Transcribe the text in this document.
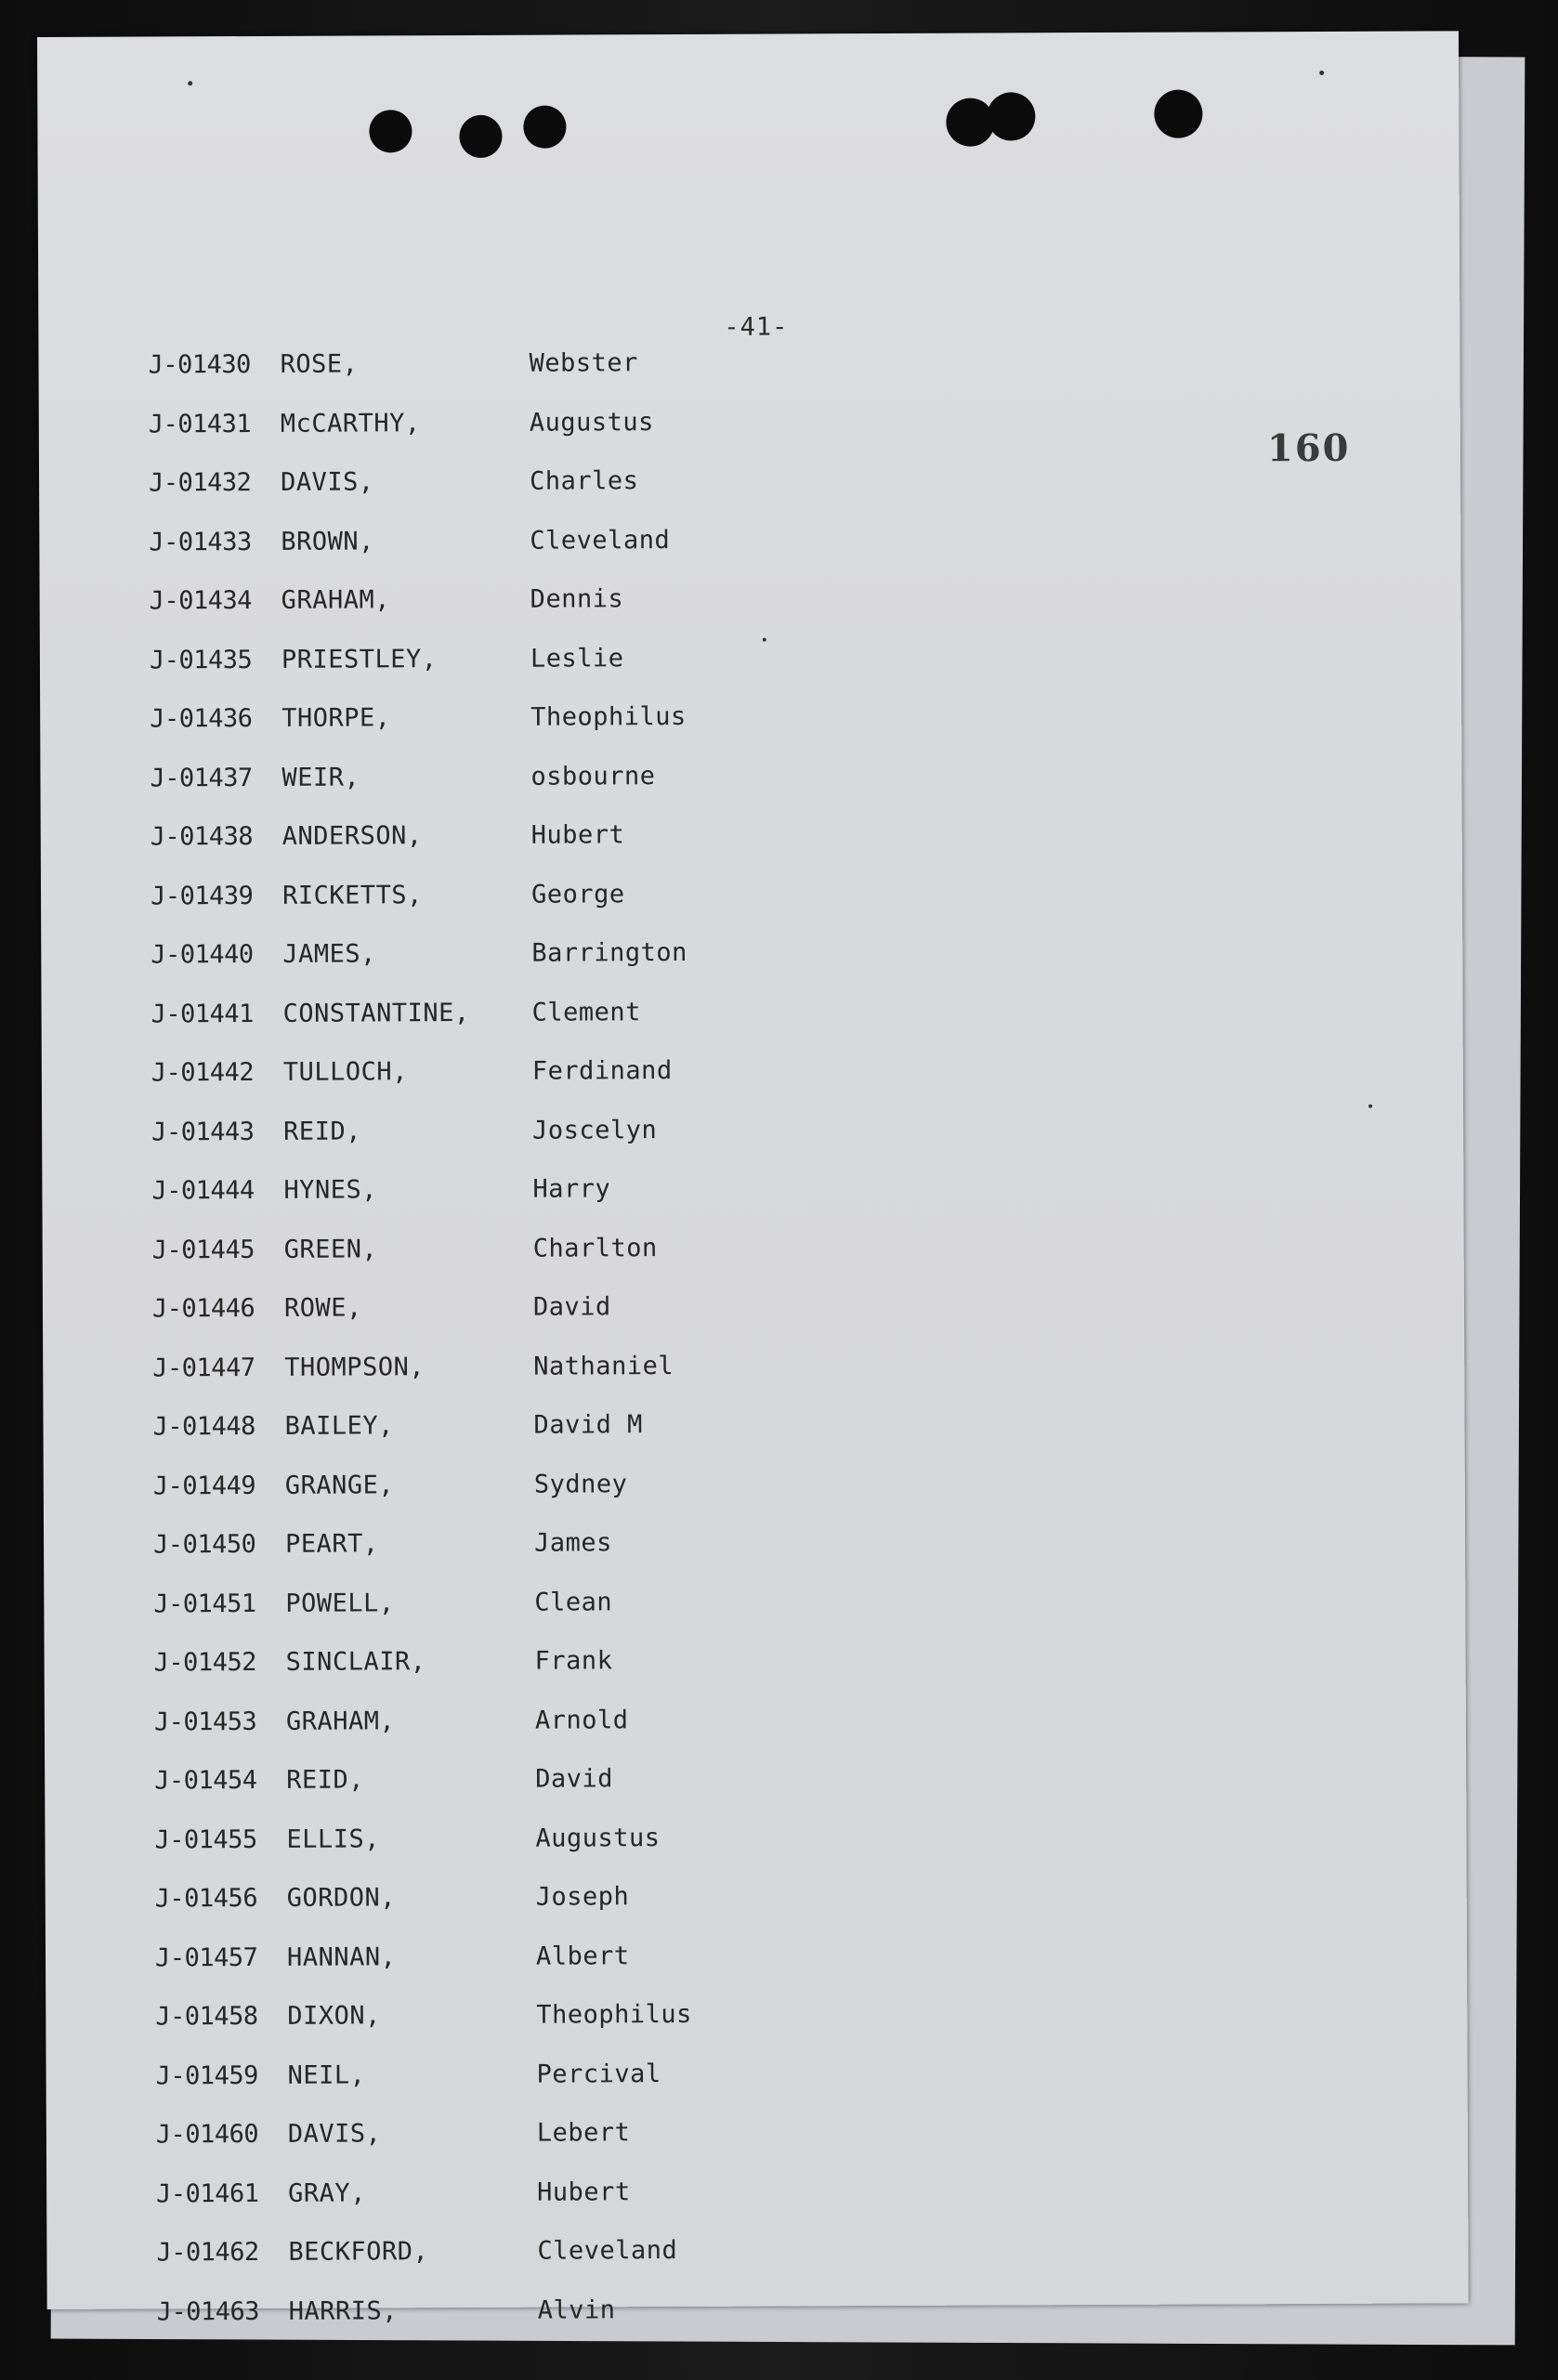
-41-
160
J-01430	ROSE,	Webster
J-01431	McCARTHY,	Augustus
J-01432	DAVIS,	Charles
J-01433	BROWN,	Cleveland
J-01434	GRAHAM,	Dennis
J-01435	PRIESTLEY,	Leslie
J-01436	THORPE,	Theophilus
J-01437	WEIR,	osbourne
J-01438	ANDERSON,	Hubert
J-01439	RICKETTS,	George
J-01440	JAMES,	Barrington
J-01441	CONSTANTINE,	Clement
J-01442	TULLOCH,	Ferdinand
J-01443	REID,	Joscelyn
J-01444	HYNES,	Harry
J-01445	GREEN,	Charlton
J-01446	ROWE,	David
J-01447	THOMPSON,	Nathaniel
J-01448	BAILEY,	David M
J-01449	GRANGE,	Sydney
J-01450	PEART,	James
J-01451	POWELL,	Clean
J-01452	SINCLAIR,	Frank
J-01453	GRAHAM,	Arnold
J-01454	REID,	David
J-01455	ELLIS,	Augustus
J-01456	GORDON,	Joseph
J-01457	HANNAN,	Albert
J-01458	DIXON,	Theophilus
J-01459	NEIL,	Percival
J-01460	DAVIS,	Lebert
J-01461	GRAY,	Hubert
J-01462	BECKFORD,	Cleveland
J-01463	HARRIS,	Alvin
